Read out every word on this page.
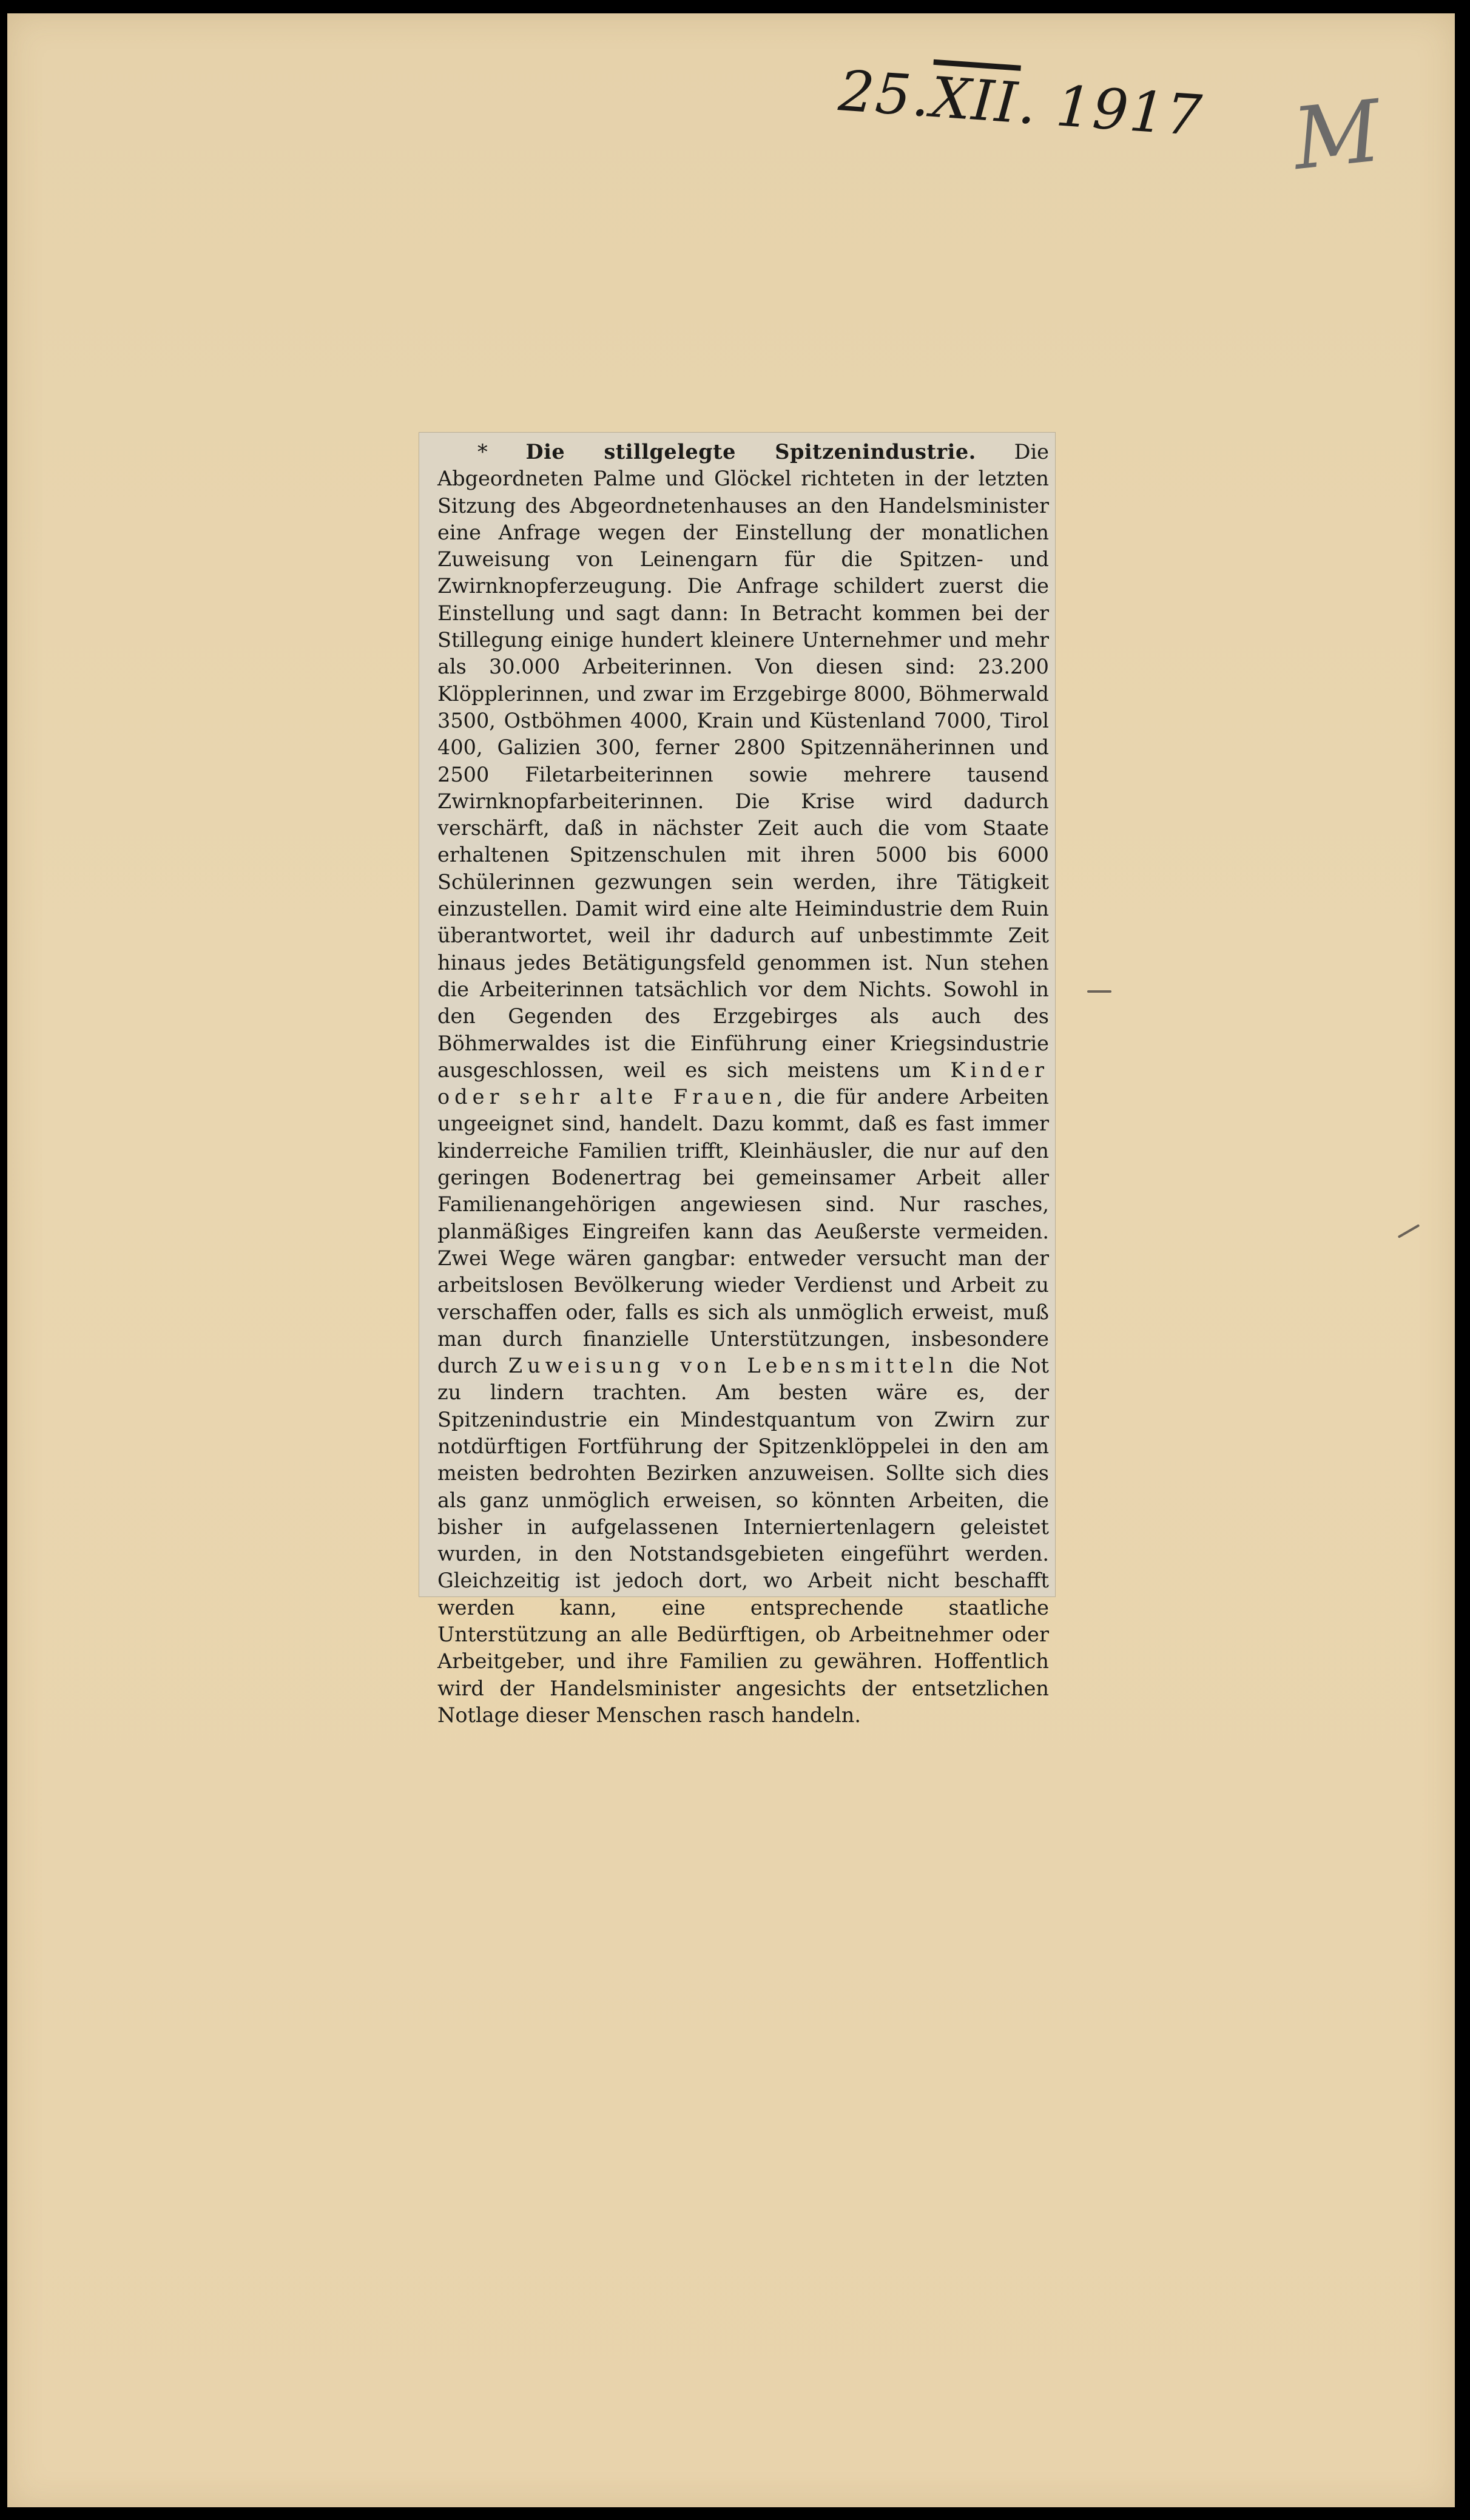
$25.\overline{XII}$. 1917 M

* Die stillgelegte Spitzenindustrie. Die Abgeordneten Palme und Glöckel richteten in der letzten Sitzung des Abgeordnetenhauses an den Handelsminister eine Anfrage wegen der Einstellung der monatlichen Zuweisung von Leinengarn für die Spitzen- und Zwirnknopferzeugung. Die Anfrage schildert zuerst die Einstellung und sagt dann: In Betracht kommen bei der Stillegung einige hundert kleinere Unternehmer und mehr als 30.000 Arbeiterinnen. Von diesen sind: 23.200 Klöpplerinnen, und zwar im Erzgebirge 8000, Böhmerwald 3500, Ostböhmen 4000, Krain und Küstenland 7000, Tirol 400, Galizien 300, ferner 2800 Spitzennäherinnen und 2500 Filetarbeiterinnen sowie mehrere tausend Zwirnknopfarbeiterinnen. Die Krise wird dadurch verschärft, daß in nächster Zeit auch die vom Staate erhaltenen Spitzenschulen mit ihren 5000 bis 6000 Schülerinnen gezwungen sein werden, ihre Tätigkeit einzustellen. Damit wird eine alte Heimindustrie dem Ruin überantwortet, weil ihr dadurch auf unbestimmte Zeit hinaus jedes Betätigungsfeld genommen ist. Nun stehen die Arbeiterinnen tatsächlich vor dem Nichts. Sowohl in den Gegenden des Erzgebirges als auch des Böhmerwaldes ist die Einführung einer Kriegsindustrie ausgeschlossen, weil es sich meistens um Kinder oder sehr alte Frauen, die für andere Arbeiten ungeeignet sind, handelt. Dazu kommt, daß es fast immer kinderreiche Familien trifft, Kleinhäusler, die nur auf den geringen Bodenertrag bei gemeinsamer Arbeit aller Familienangehörigen angewiesen sind. Nur rasches, planmäßiges Eingreifen kann das Aeußerste vermeiden. Zwei Wege wären gangbar: entweder versucht man der arbeitslosen Bevölkerung wieder Verdienst und Arbeit zu verschaffen oder, falls es sich als unmöglich erweist, muß man durch finanzielle Unterstützungen, insbesondere durch Zuweisung von Lebensmitteln die Not zu lindern trachten. Am besten wäre es, der Spitzenindustrie ein Mindestquantum von Zwirn zur notdürftigen Fortführung der Spitzenklöppelei in den am meisten bedrohten Bezirken anzuweisen. Sollte sich dies als ganz unmöglich erweisen, so könnten Arbeiten, die bisher in aufgelassenen Interniertenlagern geleistet wurden, in den Notstandsgebieten eingeführt werden. Gleichzeitig ist jedoch dort, wo Arbeit nicht beschafft werden kann, eine entsprechende staatliche Unterstützung an alle Bedürftigen, ob Arbeitnehmer oder Arbeitgeber, und ihre Familien zu gewähren. Hoffentlich wird der Handelsminister angesichts der entsetzlichen Notlage dieser Menschen rasch handeln.
